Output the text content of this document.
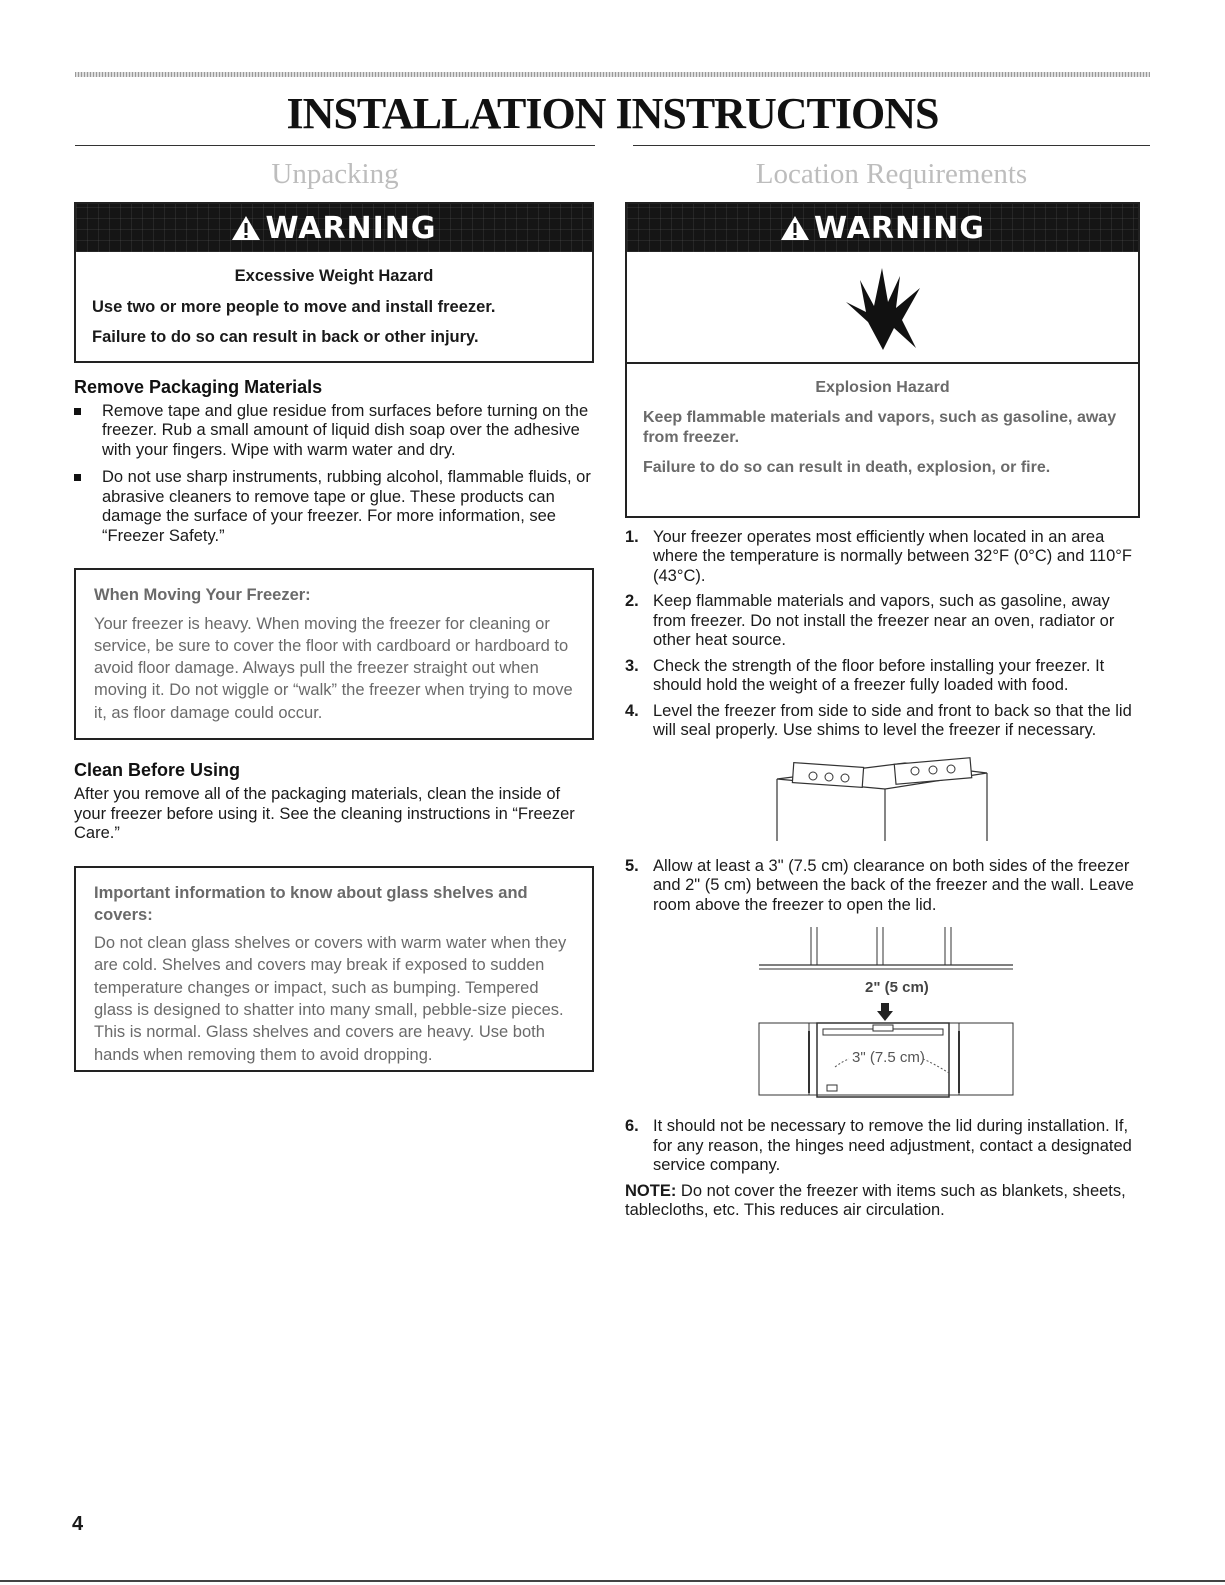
INSTALLATION INSTRUCTIONS
Unpacking	Location Requirements
WARNING

Excessive Weight Hazard

Use two or more people to move and install freezer.

Failure to do so can result in back or other injury.

Remove Packaging Materials

Remove tape and glue residue from surfaces before turning on the freezer. Rub a small amount of liquid dish soap over the adhesive with your fingers. Wipe with warm water and dry.
Do not use sharp instruments, rubbing alcohol, flammable fluids, or abrasive cleaners to remove tape or glue. These products can damage the surface of your freezer. For more information, see “Freezer Safety.”

When Moving Your Freezer:

Your freezer is heavy. When moving the freezer for cleaning or service, be sure to cover the floor with cardboard or hardboard to avoid floor damage. Always pull the freezer straight out when moving it. Do not wiggle or “walk” the freezer when trying to move it, as floor damage could occur.

Clean Before Using

After you remove all of the packaging materials, clean the inside of your freezer before using it. See the cleaning instructions in “Freezer Care.”

Important information to know about glass shelves and covers:

Do not clean glass shelves or covers with warm water when they are cold. Shelves and covers may break if exposed to sudden temperature changes or impact, such as bumping. Tempered glass is designed to shatter into many small, pebble-size pieces. This is normal. Glass shelves and covers are heavy. Use both hands when removing them to avoid dropping.

WARNING

Explosion Hazard

Keep flammable materials and vapors, such as gasoline, away from freezer.

Failure to do so can result in death, explosion, or fire.

1. Your freezer operates most efficiently when located in an area where the temperature is normally between 32°F (0°C) and 110°F (43°C).
2. Keep flammable materials and vapors, such as gasoline, away from freezer. Do not install the freezer near an oven, radiator or other heat source.
3. Check the strength of the floor before installing your freezer. It should hold the weight of a freezer fully loaded with food.
4. Level the freezer from side to side and front to back so that the lid will seal properly. Use shims to level the freezer if necessary.
5. Allow at least a 3" (7.5 cm) clearance on both sides of the freezer and 2" (5 cm) between the back of the freezer and the wall. Leave room above the freezer to open the lid.
2" (5 cm)
3" (7.5 cm)
6. It should not be necessary to remove the lid during installation. If, for any reason, the hinges need adjustment, contact a designated service company.

NOTE: Do not cover the freezer with items such as blankets, sheets, tablecloths, etc. This reduces air circulation.

4
